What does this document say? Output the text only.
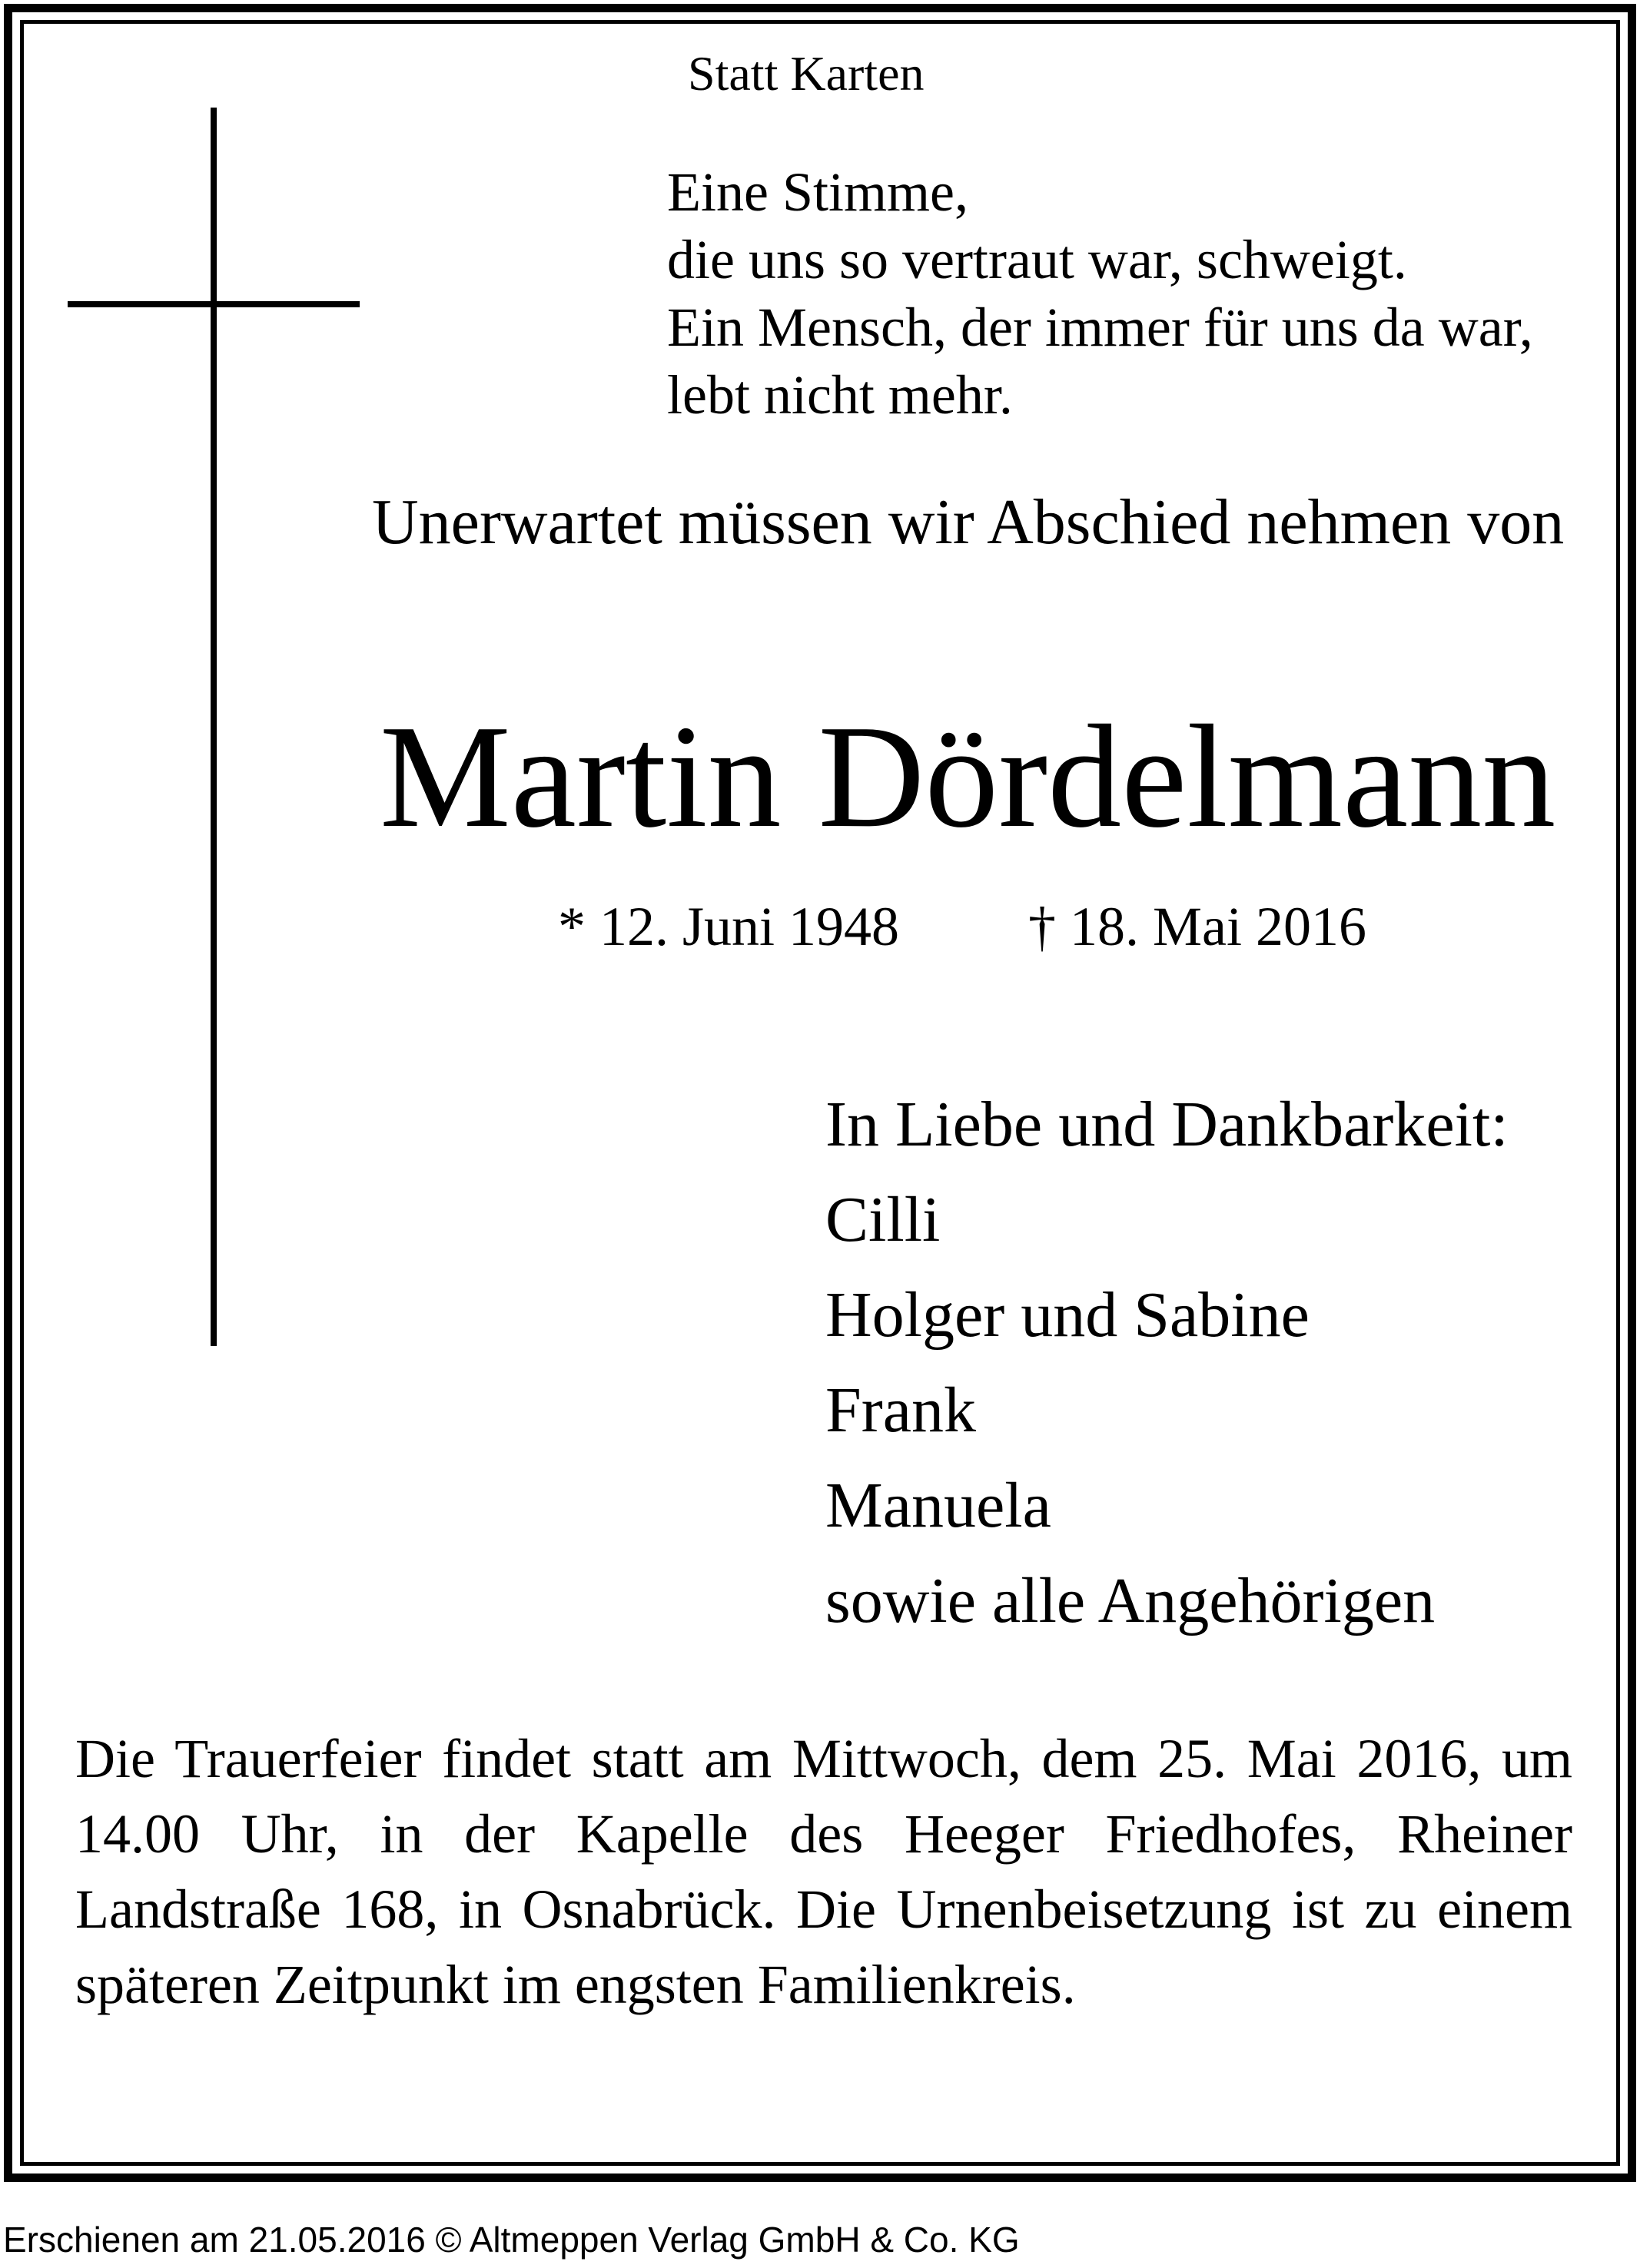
Statt Karten
Eine Stimme,
die uns so vertraut war, schweigt.
Ein Mensch, der immer für uns da war,
lebt nicht mehr.
Unerwartet müssen wir Abschied nehmen von
Martin Dördelmann
* 12. Juni 1948 † 18. Mai 2016
In Liebe und Dankbarkeit:
Cilli
Holger und Sabine
Frank
Manuela
sowie alle Angehörigen
Die Trauerfeier findet statt am Mittwoch, dem 25. Mai 2016, um 14.00 Uhr, in der Kapelle des Heeger Friedhofes, Rheiner Landstraße 168, in Osnabrück. Die Urnenbeisetzung ist zu einem späteren Zeitpunkt im engsten Familienkreis.
Erschienen am 21.05.2016 © Altmeppen Verlag GmbH & Co. KG
